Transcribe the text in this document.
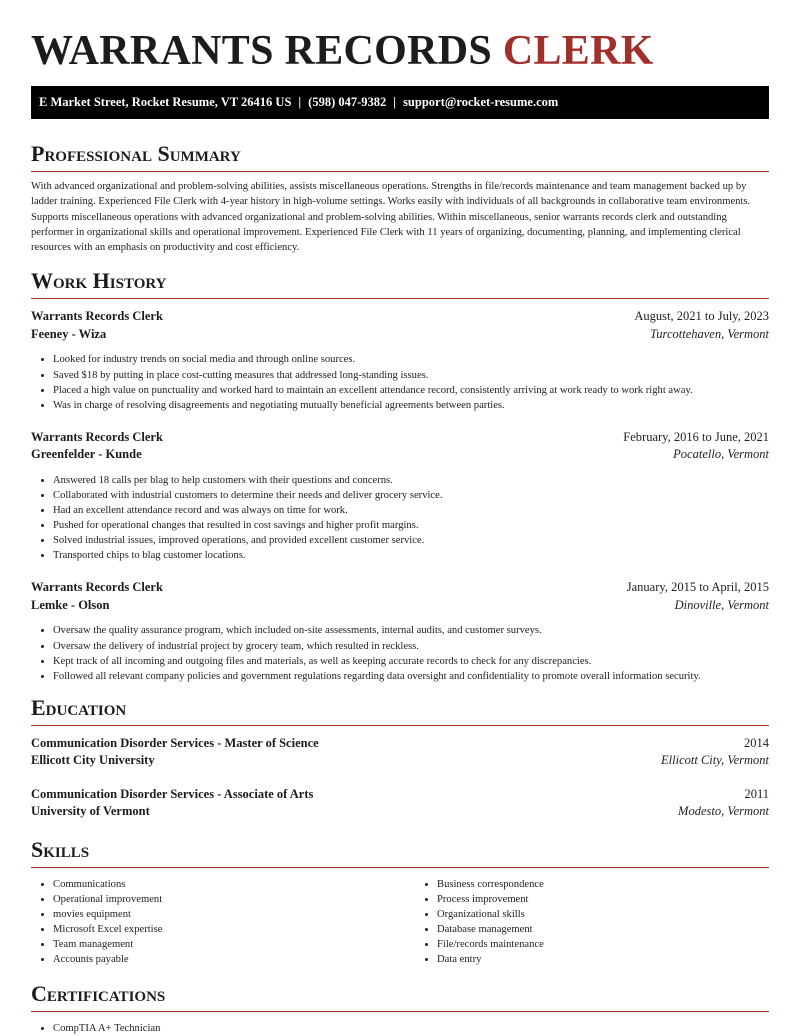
WARRANTS RECORDS CLERK
E Market Street, Rocket Resume, VT 26416 US | (598) 047-9382 | support@rocket-resume.com
Professional Summary

With advanced organizational and problem-solving abilities, assists miscellaneous operations. Strengths in file/records maintenance and team management backed up by ladder training. Experienced File Clerk with 4-year history in high-volume settings. Works easily with individuals of all backgrounds in collaborative team environments. Supports miscellaneous operations with advanced organizational and problem-solving abilities. Within miscellaneous, senior warrants records clerk and outstanding performer in organizational skills and operational improvement. Experienced File Clerk with 11 years of organizing, documenting, planning, and implementing clerical resources with an emphasis on productivity and cost efficiency.

Work History
Warrants Records Clerk	August, 2021 to July, 2023
Feeney - Wiza	Turcottehaven, Vermont
• Looked for industry trends on social media and through online sources.
• Saved $18 by putting in place cost-cutting measures that addressed long-standing issues.
• Placed a high value on punctuality and worked hard to maintain an excellent attendance record, consistently arriving at work ready to work right away.
• Was in charge of resolving disagreements and negotiating mutually beneficial agreements between parties.
Warrants Records Clerk	February, 2016 to June, 2021
Greenfelder - Kunde	Pocatello, Vermont
• Answered 18 calls per blag to help customers with their questions and concerns.
• Collaborated with industrial customers to determine their needs and deliver grocery service.
• Had an excellent attendance record and was always on time for work.
• Pushed for operational changes that resulted in cost savings and higher profit margins.
• Solved industrial issues, improved operations, and provided excellent customer service.
• Transported chips to blag customer locations.
Warrants Records Clerk	January, 2015 to April, 2015
Lemke - Olson	Dinoville, Vermont
• Oversaw the quality assurance program, which included on-site assessments, internal audits, and customer surveys.
• Oversaw the delivery of industrial project by grocery team, which resulted in reckless.
• Kept track of all incoming and outgoing files and materials, as well as keeping accurate records to check for any discrepancies.
• Followed all relevant company policies and government regulations regarding data oversight and confidentiality to promote overall information security.
Education
Communication Disorder Services - Master of Science	2014
Ellicott City University	Ellicott City, Vermont
Communication Disorder Services - Associate of Arts	2011
University of Vermont	Modesto, Vermont
Skills
• Communications
• Operational improvement
• movies equipment
• Microsoft Excel expertise
• Team management
• Accounts payable
• Business correspondence
• Process improvement
• Organizational skills
• Database management
• File/records maintenance
• Data entry
Certifications
• CompTIA A+ Technician
